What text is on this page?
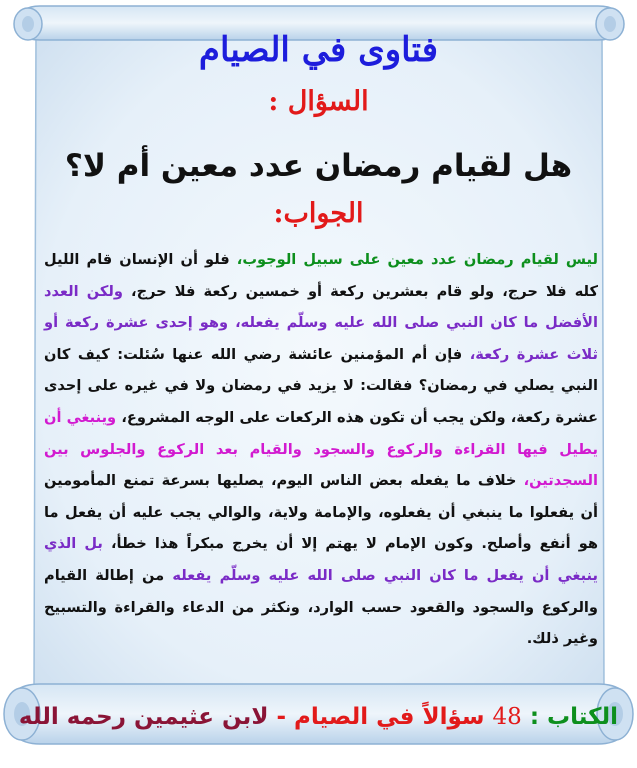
فتاوى في الصيام
السؤال :
هل لقيام رمضان عدد معين أم لا؟
الجواب:
ليس لقيام رمضان عدد معين على سبيل الوجوب، فلو أن الإنسان قام الليل كله فلا حرج، ولو قام بعشرين ركعة أو خمسين ركعة فلا حرج، ولكن العدد الأفضل ما كان النبي صلى الله عليه وسلّم يفعله، وهو إحدى عشرة ركعة أو ثلاث عشرة ركعة، فإن أم المؤمنين عائشة رضي الله عنها سُئلت: كيف كان النبي يصلي في رمضان؟ فقالت: لا يزيد في رمضان ولا في غيره على إحدى عشرة ركعة، ولكن يجب أن تكون هذه الركعات على الوجه المشروع، وينبغي أن يطيل فيها القراءة والركوع والسجود والقيام بعد الركوع والجلوس بين السجدتين، خلاف ما يفعله بعض الناس اليوم، يصليها بسرعة تمنع المأمومين أن يفعلوا ما ينبغي أن يفعلوه، والإمامة ولاية، والوالي يجب عليه أن يفعل ما هو أنفع وأصلح. وكون الإمام لا يهتم إلا أن يخرج مبكراً هذا خطأ، بل الذي ينبغي أن يفعل ما كان النبي صلى الله عليه وسلّم يفعله من إطالة القيام والركوع والسجود والقعود حسب الوارد، ونكثر من الدعاء والقراءة والتسبيح وغير ذلك.
الكتاب : 48 سؤالاً في الصيام - لابن عثيمين رحمه الله
